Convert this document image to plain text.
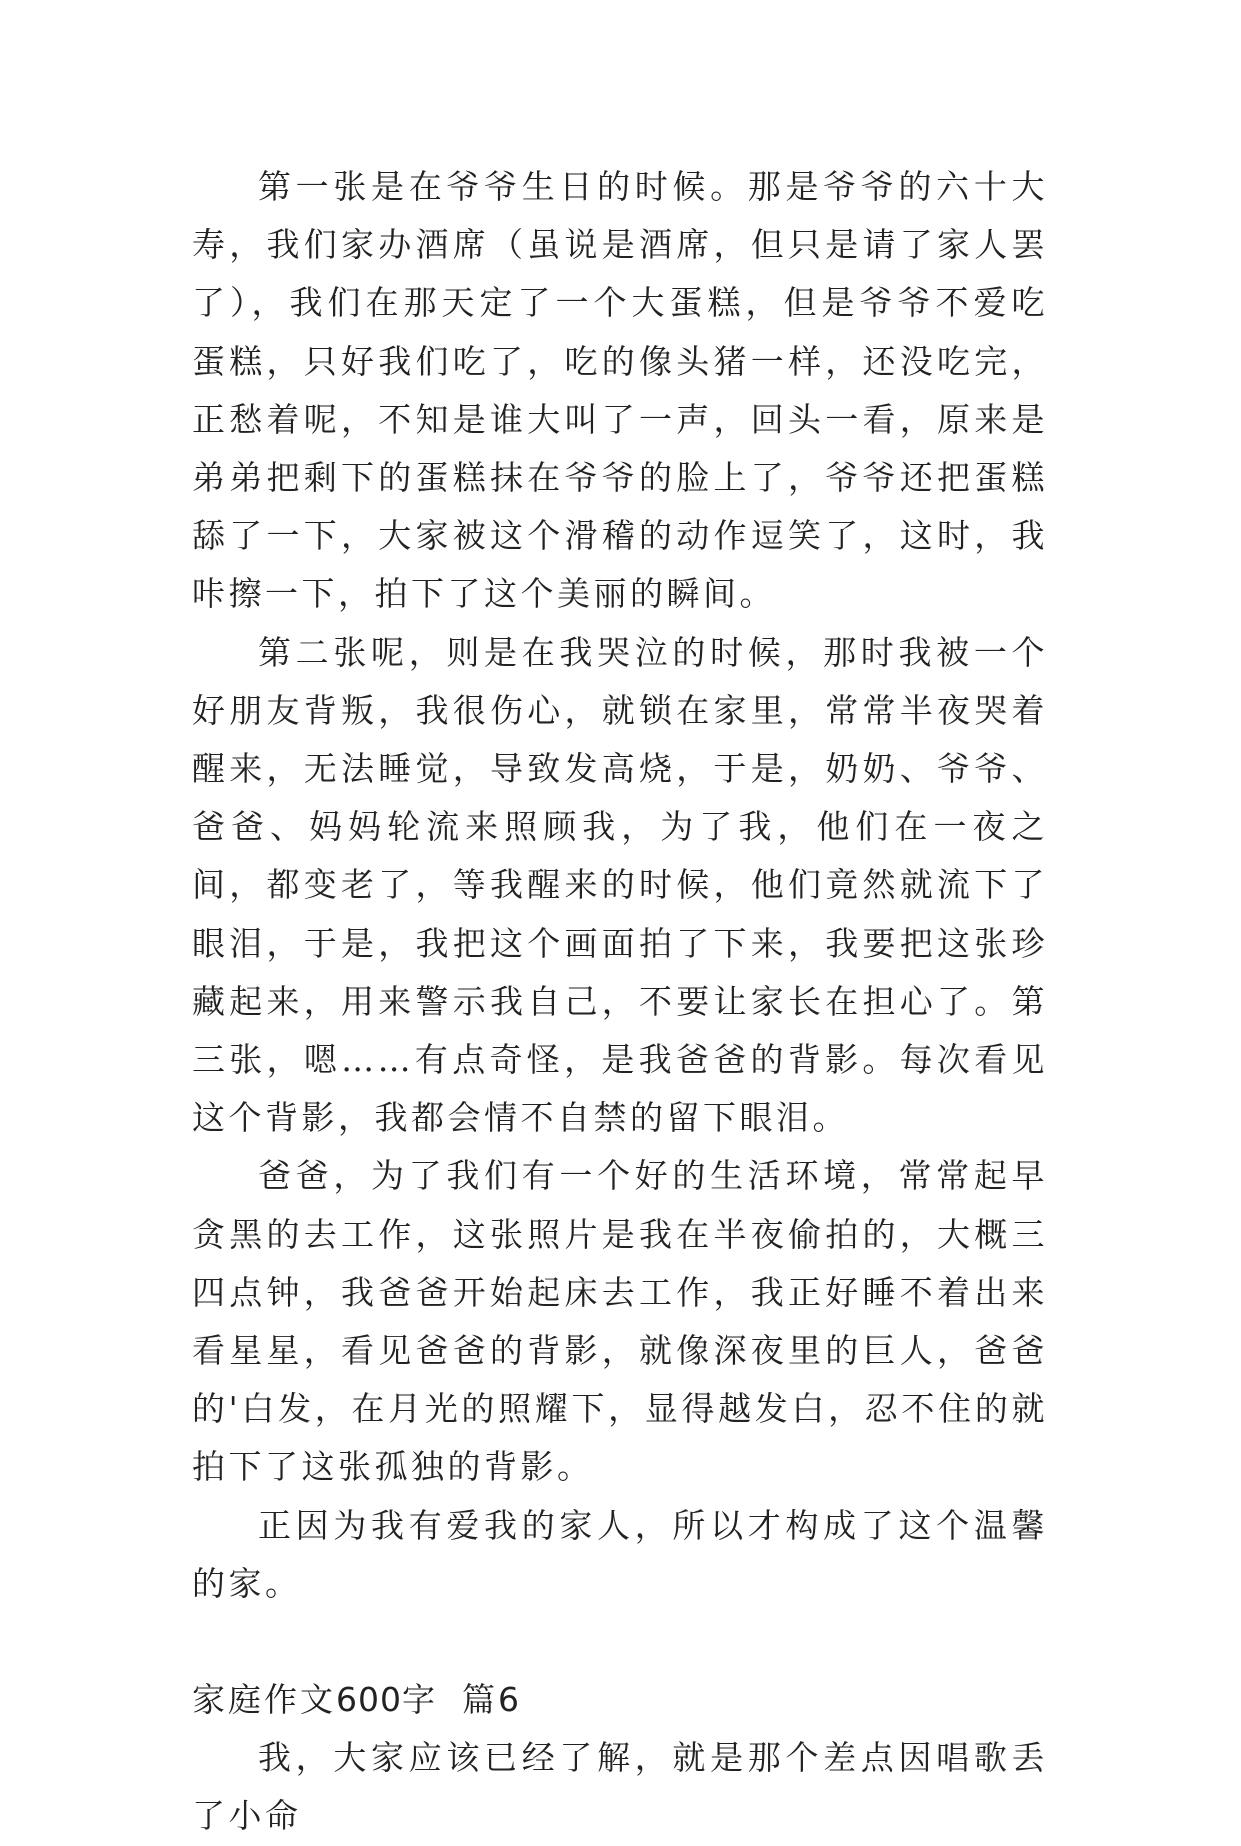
第一张是在爷爷生日的时候。那是爷爷的六十大寿，我们家办酒席（虽说是酒席，但只是请了家人罢了），我们在那天定了一个大蛋糕，但是爷爷不爱吃蛋糕，只好我们吃了，吃的像头猪一样，还没吃完，正愁着呢，不知是谁大叫了一声，回头一看，原来是弟弟把剩下的蛋糕抹在爷爷的脸上了，爷爷还把蛋糕舔了一下，大家被这个滑稽的动作逗笑了，这时，我咔擦一下，拍下了这个美丽的瞬间。

第二张呢，则是在我哭泣的时候，那时我被一个好朋友背叛，我很伤心，就锁在家里，常常半夜哭着醒来，无法睡觉，导致发高烧，于是，奶奶、爷爷、爸爸、妈妈轮流来照顾我，为了我，他们在一夜之间，都变老了，等我醒来的时候，他们竟然就流下了眼泪，于是，我把这个画面拍了下来，我要把这张珍藏起来，用来警示我自己，不要让家长在担心了。第三张，嗯……有点奇怪，是我爸爸的背影。每次看见这个背影，我都会情不自禁的留下眼泪。

爸爸，为了我们有一个好的生活环境，常常起早贪黑的去工作，这张照片是我在半夜偷拍的，大概三四点钟，我爸爸开始起床去工作，我正好睡不着出来看星星，看见爸爸的背影，就像深夜里的巨人，爸爸的'白发，在月光的照耀下，显得越发白，忍不住的就拍下了这张孤独的背影。

正因为我有爱我的家人，所以才构成了这个温馨的家。

家庭作文600字 篇6

我，大家应该已经了解，就是那个差点因唱歌丢了小命
